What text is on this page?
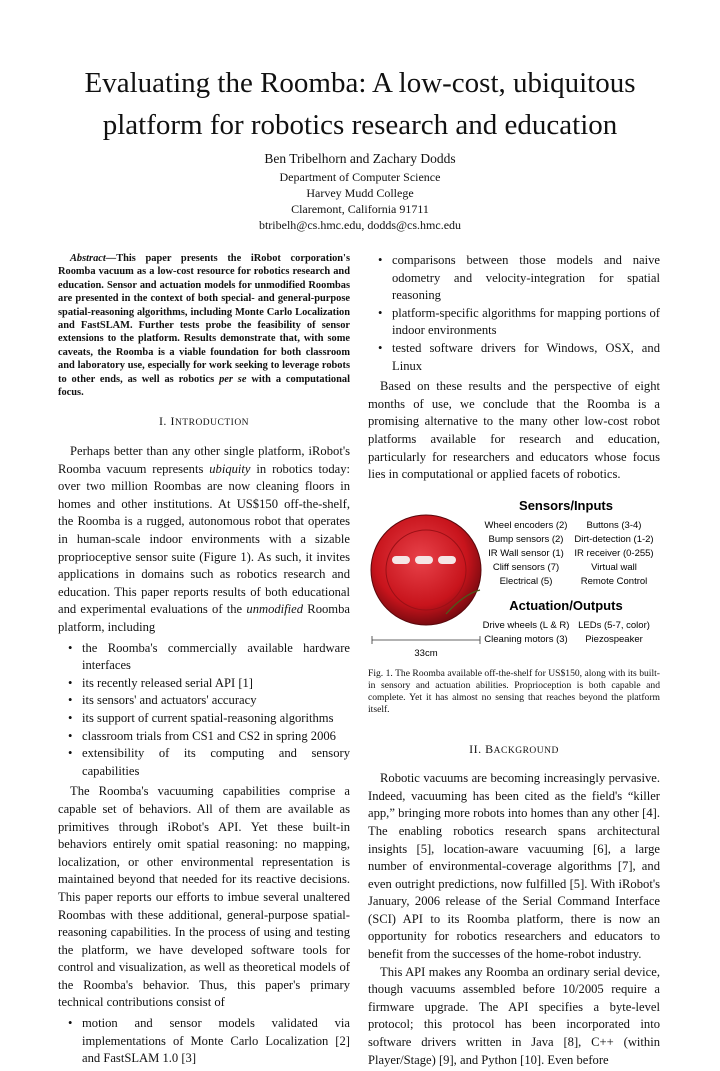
Evaluating the Roomba: A low-cost, ubiquitous platform for robotics research and education
Ben Tribelhorn and Zachary Dodds
Department of Computer Science
Harvey Mudd College
Claremont, California 91711
btribelh@cs.hmc.edu, dodds@cs.hmc.edu

Abstract—This paper presents the iRobot corporation's Roomba vacuum as a low-cost resource for robotics research and education. Sensor and actuation models for unmodified Roombas are presented in the context of both special- and general-purpose spatial-reasoning algorithms, including Monte Carlo Localization and FastSLAM. Further tests probe the feasibility of sensor extensions to the platform. Results demonstrate that, with some caveats, the Roomba is a viable foundation for both classroom and laboratory use, especially for work seeking to leverage robots to other ends, as well as robotics per se with a computational focus.

I. INTRODUCTION

Perhaps better than any other single platform, iRobot's Roomba vacuum represents ubiquity in robotics today: over two million Roombas are now cleaning floors in homes and other institutions. At US$150 off-the-shelf, the Roomba is a rugged, autonomous robot that operates in human-scale indoor environments with a sizable proprioceptive sensor suite (Figure 1). As such, it invites applications in domains such as robotics research and education. This paper reports results of both educational and experimental evaluations of the unmodified Roomba platform, including

• the Roomba's commercially available hardware interfaces
• its recently released serial API [1]
• its sensors' and actuators' accuracy
• its support of current spatial-reasoning algorithms
• classroom trials from CS1 and CS2 in spring 2006
• extensibility of its computing and sensory capabilities

The Roomba's vacuuming capabilities comprise a capable set of behaviors. All of them are available as primitives through iRobot's API. Yet these built-in behaviors entirely omit spatial reasoning: no mapping, localization, or other environmental representation is maintained beyond that needed for its reactive decisions. This paper reports our efforts to imbue several unaltered Roombas with these additional, general-purpose spatial-reasoning capabilities. In the process of using and testing the platform, we have developed software tools for control and visualization, as well as theoretical models of the Roomba's behavior. Thus, this paper's primary technical contributions consist of

• motion and sensor models validated via implementations of Monte Carlo Localization [2] and FastSLAM 1.0 [3]
• comparisons between those models and naive odometry and velocity-integration for spatial reasoning
• platform-specific algorithms for mapping portions of indoor environments
• tested software drivers for Windows, OSX, and Linux

Based on these results and the perspective of eight months of use, we conclude that the Roomba is a promising alternative to the many other low-cost robot platforms available for research and education, particularly for researchers and educators whose focus lies in computational or applied facets of robotics.

33cm
Sensors/Inputs
Wheel encoders (2)
Bump sensors (2)
IR Wall sensor (1)
Cliff sensors (7)
Electrical (5)
Buttons (3-4)
Dirt-detection (1-2)
IR receiver (0-255)
Virtual wall
Remote Control
Actuation/Outputs
Drive wheels (L & R)
Cleaning motors (3)
LEDs (5-7, color)
Piezospeaker

Fig. 1. The Roomba available off-the-shelf for US$150, along with its built-in sensory and actuation abilities. Proprioception is both capable and complete. Yet it has almost no sensing that reaches beyond the platform itself.

II. BACKGROUND

Robotic vacuums are becoming increasingly pervasive. Indeed, vacuuming has been cited as the field's “killer app,” bringing more robots into homes than any other [4]. The enabling robotics research spans architectural insights [5], location-aware vacuuming [6], a large number of environmental-coverage algorithms [7], and even outright predictions, now fulfilled [5]. With iRobot's January, 2006 release of the Serial Command Interface (SCI) API to its Roomba platform, there is now an opportunity for robotics researchers and educators to benefit from the successes of the home-robot industry.

This API makes any Roomba an ordinary serial device, though vacuums assembled before 10/2005 require a firmware upgrade. The API specifies a byte-level protocol; this protocol has been incorporated into software drivers written in Java [8], C++ (within Player/Stage) [9], and Python [10]. Even before
